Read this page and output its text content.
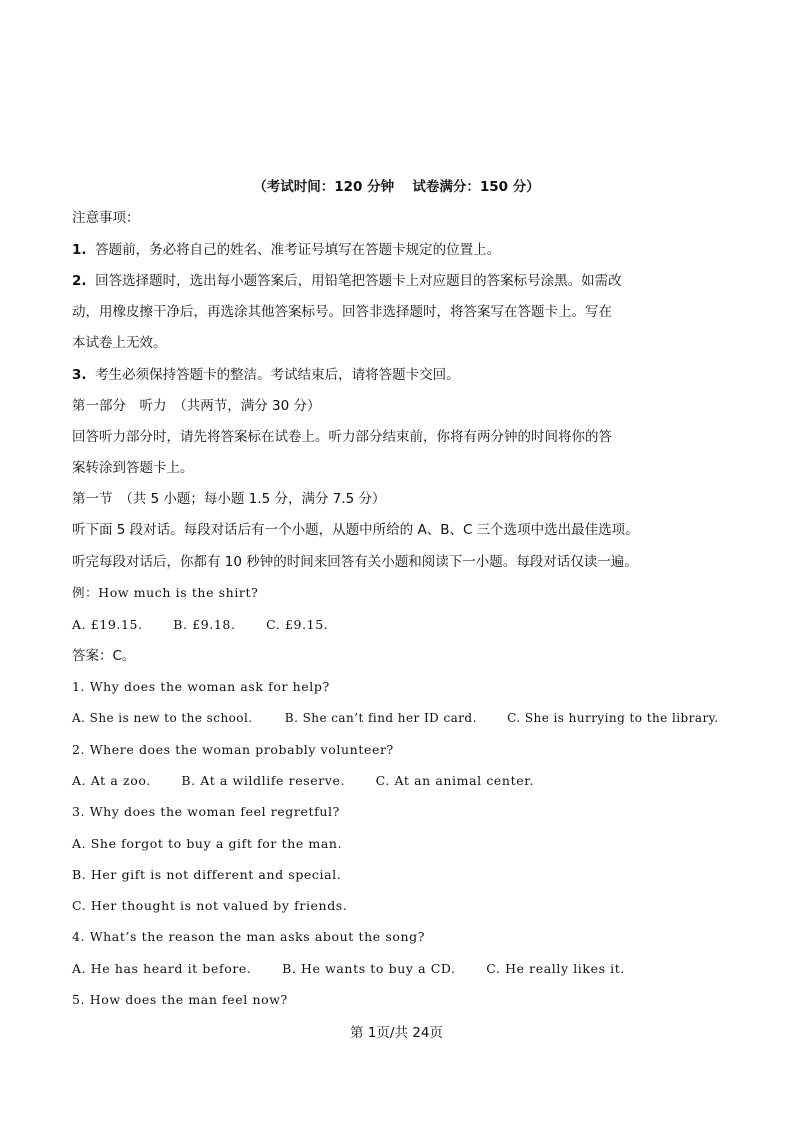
（考试时间：120 分钟　 试卷满分：150 分）
注意事项：
1. 答题前，务必将自己的姓名、准考证号填写在答题卡规定的位置上。
2. 回答选择题时，选出每小题答案后，用铅笔把答题卡上对应题目的答案标号涂黑。如需改
动，用橡皮擦干净后，再选涂其他答案标号。回答非选择题时，将答案写在答题卡上。写在
本试卷上无效。
3. 考生必须保持答题卡的整洁。考试结束后，请将答题卡交回。
第一部分　听力　（共两节，满分 30 分）
回答听力部分时，请先将答案标在试卷上。听力部分结束前，你将有两分钟的时间将你的答
案转涂到答题卡上。
第一节　（共 5 小题；每小题 1.5 分，满分 7.5 分）
听下面 5 段对话。每段对话后有一个小题，从题中所给的 A、B、C 三个选项中选出最佳选项。
听完每段对话后，你都有 10 秒钟的时间来回答有关小题和阅读下一小题。每段对话仅读一遍。
例：How much is the shirt?
A. £19.15. B. £9.18. C. £9.15.
答案：C。
1. Why does the woman ask for help?
A. She is new to the school.	B. She can’t find her ID card.	C. She is hurrying to the library.
2. Where does the woman probably volunteer?
A. At a zoo. B. At a wildlife reserve. C. At an animal center.
3. Why does the woman feel regretful?
A. She forgot to buy a gift for the man.
B. Her gift is not different and special.
C. Her thought is not valued by friends.
4. What’s the reason the man asks about the song?
A. He has heard it before. B. He wants to buy a CD. C. He really likes it.
5. How does the man feel now?
第 1页/共 24页
